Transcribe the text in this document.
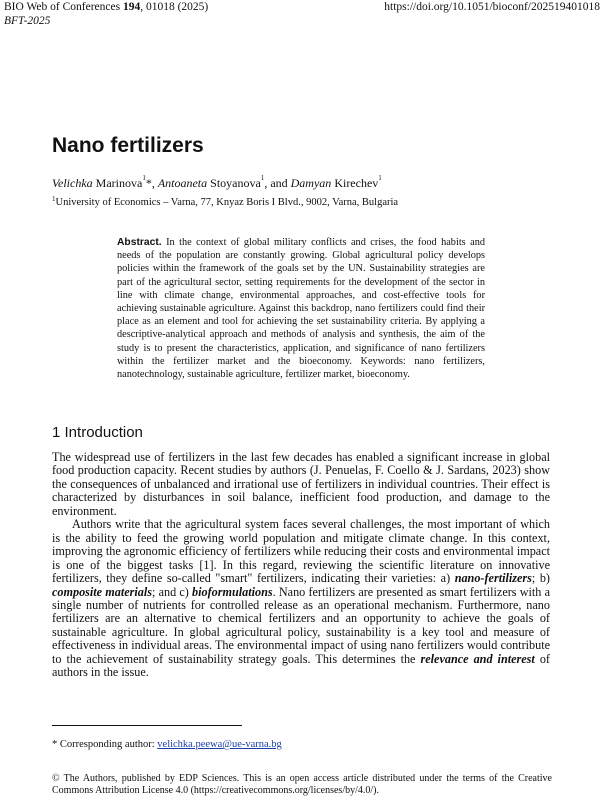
BIO Web of Conferences 194, 01018 (2025)	https://doi.org/10.1051/bioconf/202519401018
BFT-2025
Nano fertilizers
Velichka Marinova$^1$*, Antoaneta Stoyanova$^1$, and Damyan Kirechev$^1$
$^1$University of Economics – Varna, 77, Knyaz Boris I Blvd., 9002, Varna, Bulgaria

Abstract. In the context of global military conflicts and crises, the food habits and needs of the population are constantly growing. Global agricultural policy develops policies within the framework of the goals set by the UN. Sustainability strategies are part of the agricultural sector, setting requirements for the development of the sector in line with climate change, environmental approaches, and cost-effective tools for achieving sustainable agriculture. Against this backdrop, nano fertilizers could find their place as an element and tool for achieving the set sustainability criteria. By applying a descriptive-analytical approach and methods of analysis and synthesis, the aim of the study is to present the characteristics, application, and significance of nano fertilizers within the fertilizer market and the bioeconomy. Keywords: nano fertilizers, nanotechnology, sustainable agriculture, fertilizer market, bioeconomy.

1 Introduction

The widespread use of fertilizers in the last few decades has enabled a significant increase in global food production capacity. Recent studies by authors (J. Penuelas, F. Coello & J. Sardans, 2023) show the consequences of unbalanced and irrational use of fertilizers in individual countries. Their effect is characterized by disturbances in soil balance, inefficient food production, and damage to the environment.

Authors write that the agricultural system faces several challenges, the most important of which is the ability to feed the growing world population and mitigate climate change. In this context, improving the agronomic efficiency of fertilizers while reducing their costs and environmental impact is one of the biggest tasks [1]. In this regard, reviewing the scientific literature on innovative fertilizers, they define so-called "smart" fertilizers, indicating their varieties: a) nano-fertilizers; b) composite materials; and c) bioformulations. Nano fertilizers are presented as smart fertilizers with a single number of nutrients for controlled release as an operational mechanism. Furthermore, nano fertilizers are an alternative to chemical fertilizers and an opportunity to achieve the goals of sustainable agriculture. In global agricultural policy, sustainability is a key tool and measure of effectiveness in individual areas. The environmental impact of using nano fertilizers would contribute to the achievement of sustainability strategy goals. This determines the relevance and interest of authors in the issue.

* Corresponding author: velichka.peewa@ue-varna.bg
© The Authors, published by EDP Sciences. This is an open access article distributed under the terms of the Creative Commons Attribution License 4.0 (https://creativecommons.org/licenses/by/4.0/).
